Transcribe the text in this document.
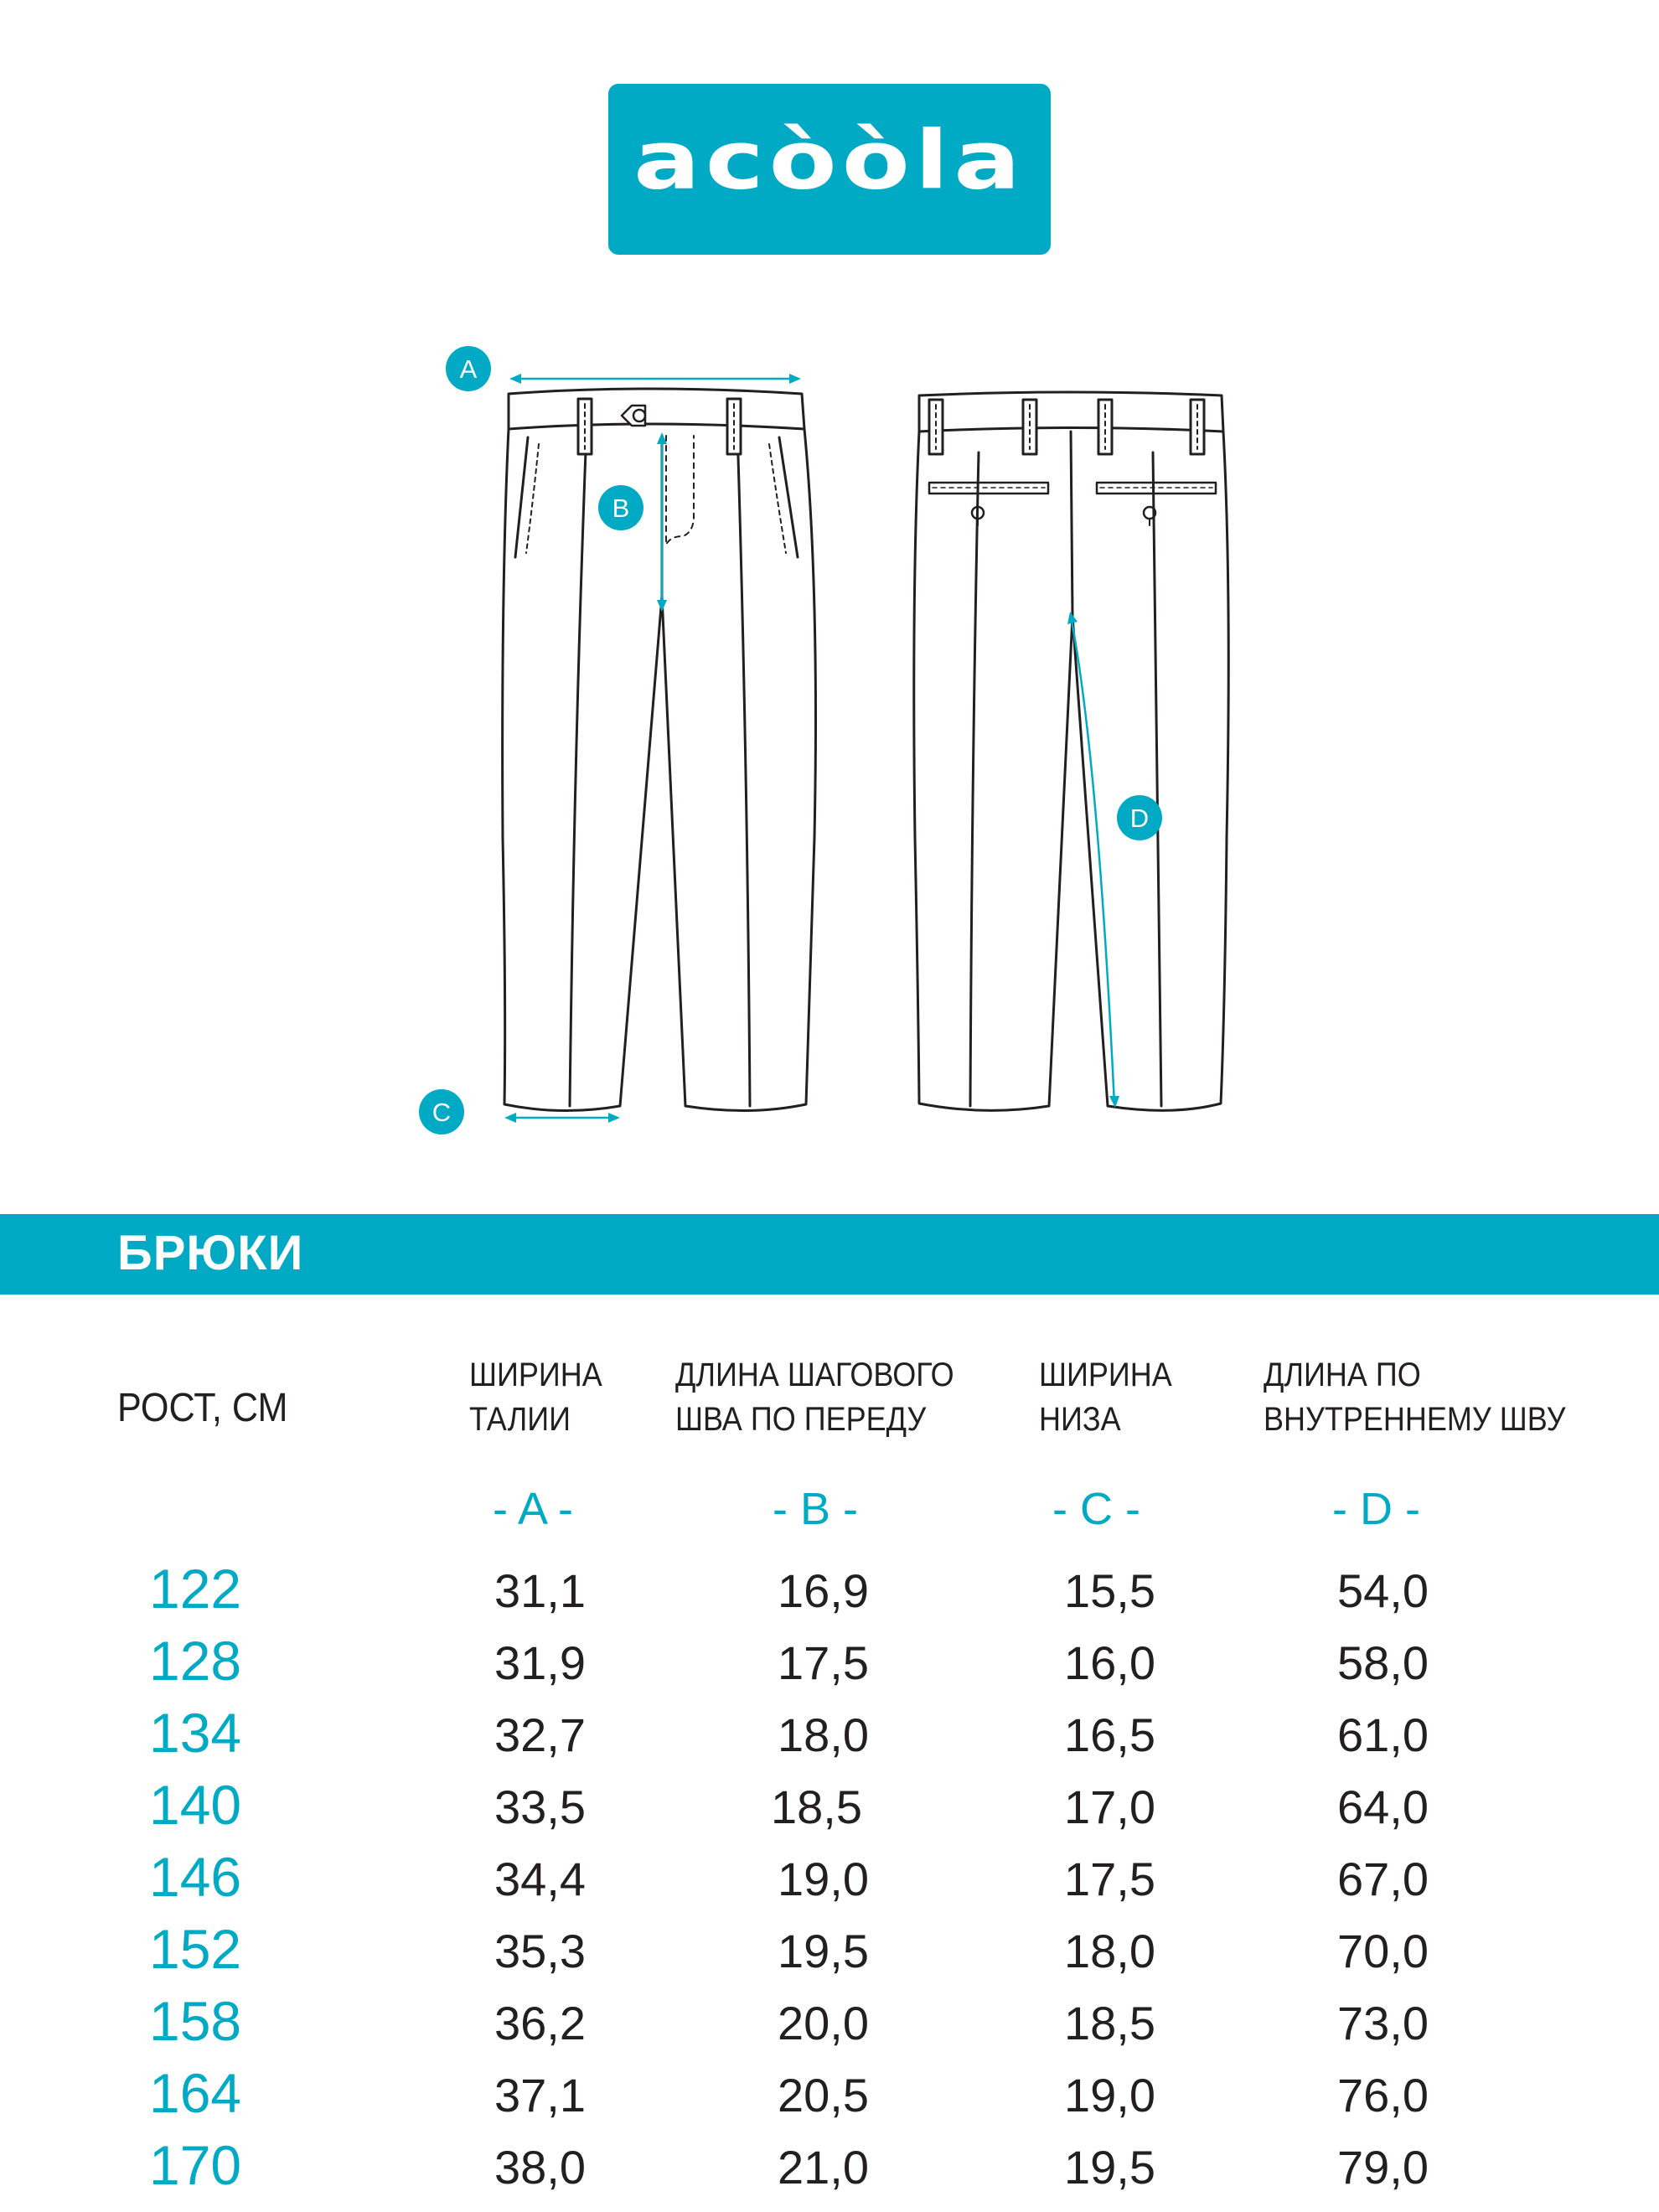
acòòla
A
B
C
D
БРЮКИ
РОСТ, СМ
ШИРИНА
ТАЛИИ
ДЛИНА ШАГОВОГО
ШВА ПО ПЕРЕДУ
ШИРИНА
НИЗА
ДЛИНА ПО
ВНУТРЕННЕМУ ШВУ
- A -	- B -	- C -	- D -
122	31,1	16,9	15,5	54,0
128	31,9	17,5	16,0	58,0
134	32,7	18,0	16,5	61,0
140	33,5	18,5	17,0	64,0
146	34,4	19,0	17,5	67,0
152	35,3	19,5	18,0	70,0
158	36,2	20,0	18,5	73,0
164	37,1	20,5	19,0	76,0
170	38,0	21,0	19,5	79,0
